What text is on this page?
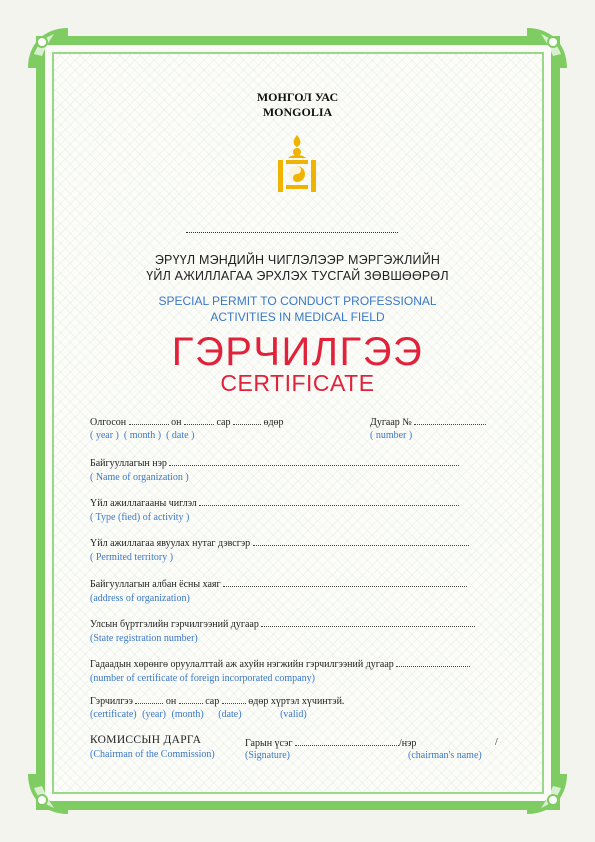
МОНГОЛ УАС
MONGOLIA
ЭРҮҮЛ МЭНДИЙН ЧИГЛЭЛЭЭР МЭРГЭЖЛИЙН
ҮЙЛ АЖИЛЛАГАА ЭРХЛЭХ ТУСГАЙ ЗӨВШӨӨРӨЛ
SPECIAL PERMIT TO CONDUCT PROFESSIONAL
ACTIVITIES IN MEDICAL FIELD
ГЭРЧИЛГЭЭ
CERTIFICATE
Олгосон	он	сар	өдөр
( year ) ( month ) ( date )
Дугаар №
( number )
Байгууллагын нэр
( Name of organization )
Үйл ажиллагааны чиглэл
( Type (fied) of activity )
Үйл ажиллагаа явуулах нутаг дэвсгэр
( Permited territory )
Байгууллагын албан ёсны хаяг
(address of organization)
Улсын бүртгэлийн гэрчилгээний дугаар
(State registration number)
Гадаадын хөрөнгө оруулалттай аж ахуйн нэгжийн гэрчилгээний дугаар
(number of certificate of foreign incorporated company)
Гэрчилгээ	он	сар	өдөр хүртэл хүчинтэй.
(certificate) (year) (month) (date)	(valid)
КОМИССЫН ДАРГА
(Chairman of the Commission)
Гарын үсэг	/нэр	/
(Signature)	(chairman's name)
